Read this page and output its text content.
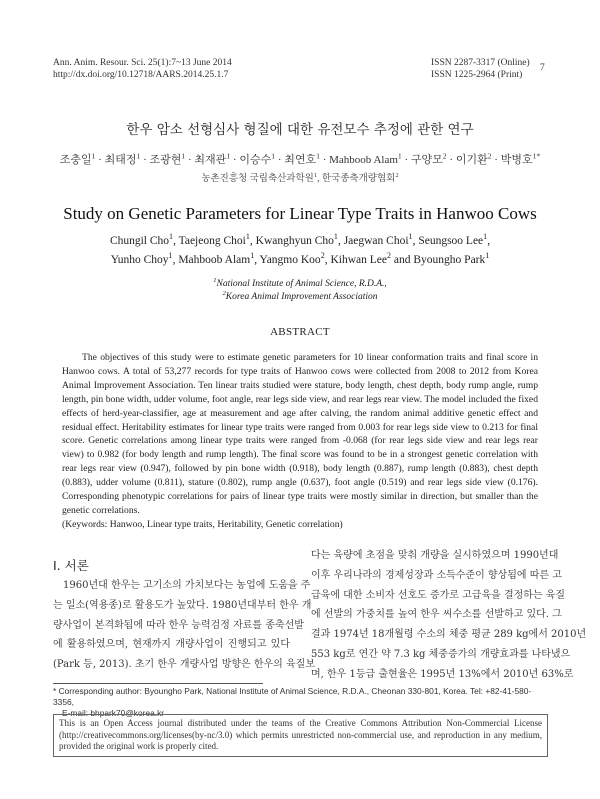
Ann. Anim. Resour. Sci. 25(1):7~13 June 2014
http://dx.doi.org/10.12718/AARS.2014.25.1.7
ISSN 2287-3317 (Online)
ISSN 1225-2964 (Print)
7
한우 암소 선형심사 형질에 대한 유전모수 추정에 관한 연구
조충일$^1$ · 최태정$^1$ · 조광현$^1$ · 최재관$^1$ · 이승수$^1$ · 최연호$^1$ · Mahboob Alam$^1$ · 구양모$^2$ · 이기환$^2$ · 박병호$^{1*}$
농촌진흥청 국립축산과학원$^1$, 한국종축개량협회$^2$
Study on Genetic Parameters for Linear Type Traits in Hanwoo Cows
Chungil Cho$^1$, Taejeong Choi$^1$, Kwanghyun Cho$^1$, Jaegwan Choi$^1$, Seungsoo Lee$^1$,
Yunho Choy$^1$, Mahboob Alam$^1$, Yangmo Koo$^2$, Kihwan Lee$^2$ and Byoungho Park$^1$
$^1$National Institute of Animal Science, R.D.A.,
$^2$Korea Animal Improvement Association
ABSTRACT

The objectives of this study were to estimate genetic parameters for 10 linear conformation traits and final score in Hanwoo cows. A total of 53,277 records for type traits of Hanwoo cows were collected from 2008 to 2012 from Korea Animal Improvement Association. Ten linear traits studied were stature, body length, chest depth, body rump angle, rump length, pin bone width, udder volume, foot angle, rear legs side view, and rear legs rear view. The model included the fixed effects of herd-year-classifier, age at measurement and age after calving, the random animal additive genetic effect and residual effect. Heritability estimates for linear type traits were ranged from 0.003 for rear legs side view to 0.213 for final score. Genetic correlations among linear type traits were ranged from -0.068 (for rear legs side view and rear legs rear view) to 0.982 (for body length and rump length). The final score was found to be in a strongest genetic correlation with rear legs rear view (0.947), followed by pin bone width (0.918), body length (0.887), rump length (0.883), chest depth (0.883), udder volume (0.811), stature (0.802), rump angle (0.637), foot angle (0.519) and rear legs side view (0.176). Corresponding phenotypic correlations for pairs of linear type traits were mostly similar in direction, but smaller than the genetic correlations.

(Keywords: Hanwoo, Linear type traits, Heritability, Genetic correlation)

Ⅰ. 서론
1960년대 한우는 고기소의 가치보다는 농업에 도움을 주
는 일소(역용종)로 활용도가 높았다. 1980년대부터 한우 개
량사업이 본격화됨에 따라 한우 능력검정 자료를 종축선발
에 활용하였으며, 현재까지 개량사업이 진행되고 있다
(Park 등, 2013). 초기 한우 개량사업 방향은 한우의 육질보
다는 육량에 초점을 맞춰 개량을 실시하였으며 1990년대
이후 우리나라의 경제성장과 소득수준이 향상됨에 따른 고
급육에 대한 소비자 선호도 증가로 고급육을 결정하는 육질
에 선발의 가중치를 높여 한우 씨수소를 선발하고 있다. 그
결과 1974년 18개월령 수소의 체중 평균 289 kg에서 2010년
553 kg로 연간 약 7.3 kg 체중증가의 개량효과를 나타냈으
며, 한우 1등급 출현율은 1995년 13%에서 2010년 63%로
* Corresponding author: Byoungho Park, National Institute of Animal Science, R.D.A., Cheonan 330-801, Korea. Tel: +82-41-580-3356,
E-mail: bhpark70@korea.kr
This is an Open Access journal distributed under the teams of the Creative Commons Attribution Non-Commercial License (http://creativecommons.org/licenses(by-nc/3.0) which permits unrestricted non-commercial use, and reproduction in any medium, provided the original work is properly cited.
